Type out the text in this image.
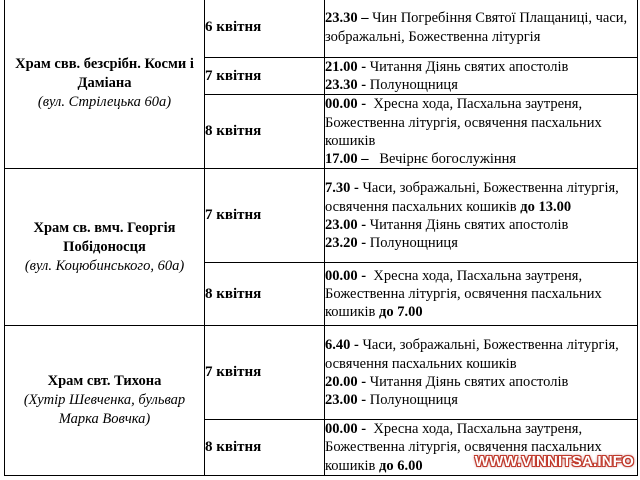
Храм свв. безсрібн. Косми і Даміана
(вул. Стрілецька 60а)	6 квітня	23.30 – Чин Погребіння Святої Плащаниці, часи, зображальні, Божественна літургія

	7 квітня	21.00 - Читання Діянь святих апостолів
23.30 - Полунощниця

	8 квітня	00.00 -  Хресна хода, Пасхальна заутреня, Божественна літургія, освячення пасхальних кошиків
17.00 –   Вечірнє богослужіння

Храм св. вмч. Георгія Побідоносця
(вул. Коцюбинського, 60а)	7 квітня	7.30 - Часи, зображальні, Божественна літургія, освячення пасхальних кошиків до 13.00
23.00 - Читання Діянь святих апостолів
23.20 - Полунощниця

	8 квітня	00.00 -  Хресна хода, Пасхальна заутреня, Божественна літургія, освячення пасхальних кошиків до 7.00

Храм свт. Тихона
(Хутір Шевченка, бульвар Марка Вовчка)	7 квітня	6.40 - Часи, зображальні, Божественна літургія, освячення пасхальних кошиків
20.00 - Читання Діянь святих апостолів
23.00 - Полунощниця

	8 квітня	00.00 -  Хресна хода, Пасхальна заутреня, Божественна літургія, освячення пасхальних кошиків до 6.00	WWW.VINNITSA.INFO
